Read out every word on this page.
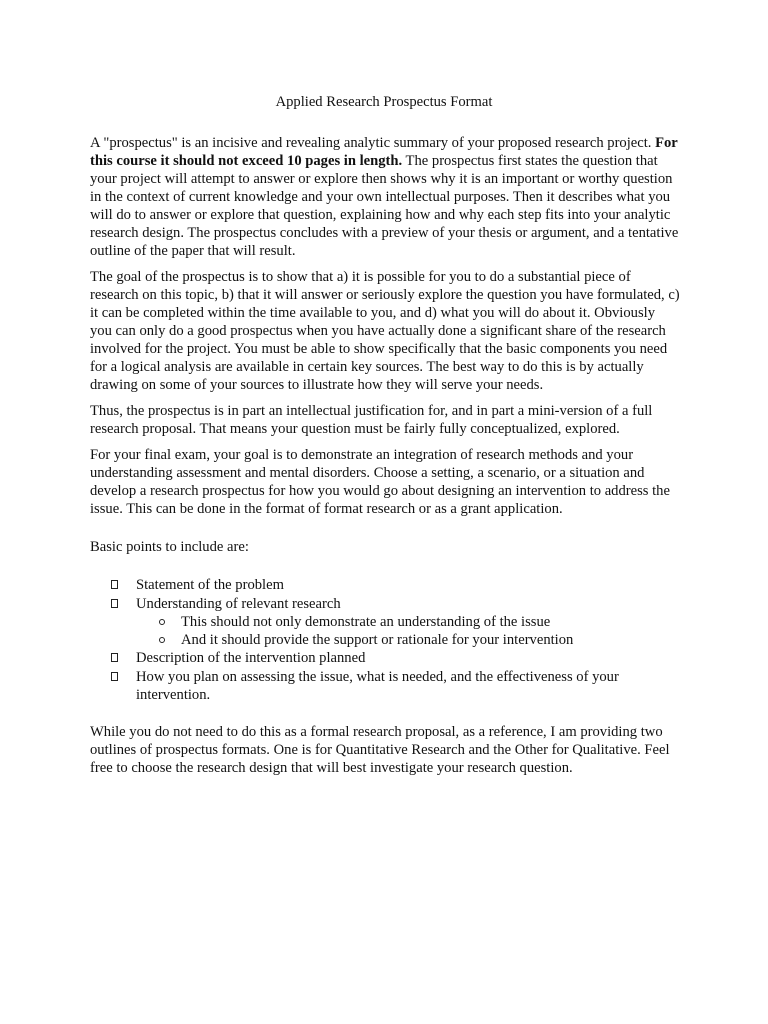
Applied Research Prospectus Format

A "prospectus" is an incisive and revealing analytic summary of your proposed research project. For this course it should not exceed 10 pages in length. The prospectus first states the question that your project will attempt to answer or explore then shows why it is an important or worthy question in the context of current knowledge and your own intellectual purposes. Then it describes what you will do to answer or explore that question, explaining how and why each step fits into your analytic research design. The prospectus concludes with a preview of your thesis or argument, and a tentative outline of the paper that will result.

The goal of the prospectus is to show that a) it is possible for you to do a substantial piece of research on this topic, b) that it will answer or seriously explore the question you have formulated, c) it can be completed within the time available to you, and d) what you will do about it. Obviously you can only do a good prospectus when you have actually done a significant share of the research involved for the project. You must be able to show specifically that the basic components you need for a logical analysis are available in certain key sources. The best way to do this is by actually drawing on some of your sources to illustrate how they will serve your needs.

Thus, the prospectus is in part an intellectual justification for, and in part a mini-version of a full research proposal. That means your question must be fairly fully conceptualized, explored.

For your final exam, your goal is to demonstrate an integration of research methods and your understanding assessment and mental disorders. Choose a setting, a scenario, or a situation and develop a research prospectus for how you would go about designing an intervention to address the issue. This can be done in the format of format research or as a grant application.

Basic points to include are:

Statement of the problem
Understanding of relevant research
This should not only demonstrate an understanding of the issue
And it should provide the support or rationale for your intervention
Description of the intervention planned
How you plan on assessing the issue, what is needed, and the effectiveness of your intervention.

While you do not need to do this as a formal research proposal, as a reference, I am providing two outlines of prospectus formats. One is for Quantitative Research and the Other for Qualitative. Feel free to choose the research design that will best investigate your research question.
